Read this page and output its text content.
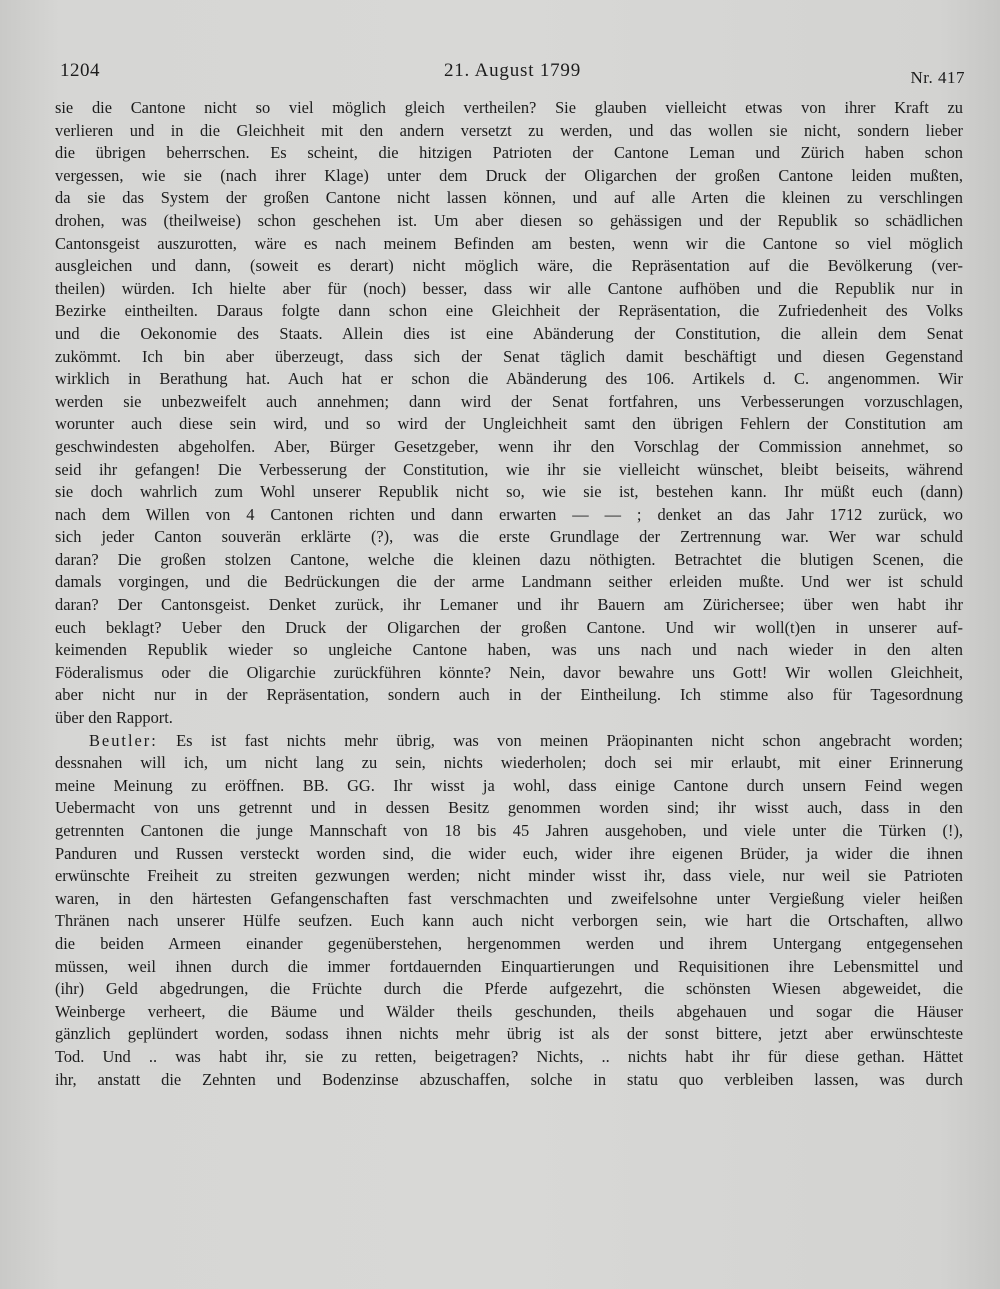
1204	21. August 1799	Nr. 417
sie die Cantone nicht so viel möglich gleich vertheilen? Sie glauben vielleicht etwas von ihrer Kraft zu
verlieren und in die Gleichheit mit den andern versetzt zu werden, und das wollen sie nicht, sondern lieber
die übrigen beherrschen. Es scheint, die hitzigen Patrioten der Cantone Leman und Zürich haben schon
vergessen, wie sie (nach ihrer Klage) unter dem Druck der Oligarchen der großen Cantone leiden mußten,
da sie das System der großen Cantone nicht lassen können, und auf alle Arten die kleinen zu verschlingen
drohen, was (theilweise) schon geschehen ist. Um aber diesen so gehässigen und der Republik so schädlichen
Cantonsgeist auszurotten, wäre es nach meinem Befinden am besten, wenn wir die Cantone so viel möglich
ausgleichen und dann, (soweit es derart) nicht möglich wäre, die Repräsentation auf die Bevölkerung (ver-
theilen) würden. Ich hielte aber für (noch) besser, dass wir alle Cantone aufhöben und die Republik nur in
Bezirke eintheilten. Daraus folgte dann schon eine Gleichheit der Repräsentation, die Zufriedenheit des Volks
und die Oekonomie des Staats. Allein dies ist eine Abänderung der Constitution, die allein dem Senat
zukömmt. Ich bin aber überzeugt, dass sich der Senat täglich damit beschäftigt und diesen Gegenstand
wirklich in Berathung hat. Auch hat er schon die Abänderung des 106. Artikels d. C. angenommen. Wir
werden sie unbezweifelt auch annehmen; dann wird der Senat fortfahren, uns Verbesserungen vorzuschlagen,
worunter auch diese sein wird, und so wird der Ungleichheit samt den übrigen Fehlern der Constitution am
geschwindesten abgeholfen. Aber, Bürger Gesetzgeber, wenn ihr den Vorschlag der Commission annehmet, so
seid ihr gefangen! Die Verbesserung der Constitution, wie ihr sie vielleicht wünschet, bleibt beiseits, während
sie doch wahrlich zum Wohl unserer Republik nicht so, wie sie ist, bestehen kann. Ihr müßt euch (dann)
nach dem Willen von 4 Cantonen richten und dann erwarten — — ; denket an das Jahr 1712 zurück, wo
sich jeder Canton souverän erklärte (?), was die erste Grundlage der Zertrennung war. Wer war schuld
daran? Die großen stolzen Cantone, welche die kleinen dazu nöthigten. Betrachtet die blutigen Scenen, die
damals vorgingen, und die Bedrückungen die der arme Landmann seither erleiden mußte. Und wer ist schuld
daran? Der Cantonsgeist. Denket zurück, ihr Lemaner und ihr Bauern am Zürichersee; über wen habt ihr
euch beklagt? Ueber den Druck der Oligarchen der großen Cantone. Und wir woll(t)en in unserer auf-
keimenden Republik wieder so ungleiche Cantone haben, was uns nach und nach wieder in den alten
Föderalismus oder die Oligarchie zurückführen könnte? Nein, davor bewahre uns Gott! Wir wollen Gleichheit,
aber nicht nur in der Repräsentation, sondern auch in der Eintheilung. Ich stimme also für Tagesordnung
über den Rapport.
Beutler: Es ist fast nichts mehr übrig, was von meinen Präopinanten nicht schon angebracht worden;
dessnahen will ich, um nicht lang zu sein, nichts wiederholen; doch sei mir erlaubt, mit einer Erinnerung
meine Meinung zu eröffnen. BB. GG. Ihr wisst ja wohl, dass einige Cantone durch unsern Feind wegen
Uebermacht von uns getrennt und in dessen Besitz genommen worden sind; ihr wisst auch, dass in den
getrennten Cantonen die junge Mannschaft von 18 bis 45 Jahren ausgehoben, und viele unter die Türken (!),
Panduren und Russen versteckt worden sind, die wider euch, wider ihre eigenen Brüder, ja wider die ihnen
erwünschte Freiheit zu streiten gezwungen werden; nicht minder wisst ihr, dass viele, nur weil sie Patrioten
waren, in den härtesten Gefangenschaften fast verschmachten und zweifelsohne unter Vergießung vieler heißen
Thränen nach unserer Hülfe seufzen. Euch kann auch nicht verborgen sein, wie hart die Ortschaften, allwo
die beiden Armeen einander gegenüberstehen, hergenommen werden und ihrem Untergang entgegensehen
müssen, weil ihnen durch die immer fortdauernden Einquartierungen und Requisitionen ihre Lebensmittel und
(ihr) Geld abgedrungen, die Früchte durch die Pferde aufgezehrt, die schönsten Wiesen abgeweidet, die
Weinberge verheert, die Bäume und Wälder theils geschunden, theils abgehauen und sogar die Häuser
gänzlich geplündert worden, sodass ihnen nichts mehr übrig ist als der sonst bittere, jetzt aber erwünschteste
Tod. Und .. was habt ihr, sie zu retten, beigetragen? Nichts, .. nichts habt ihr für diese gethan. Hättet
ihr, anstatt die Zehnten und Bodenzinse abzuschaffen, solche in statu quo verbleiben lassen, was durch
